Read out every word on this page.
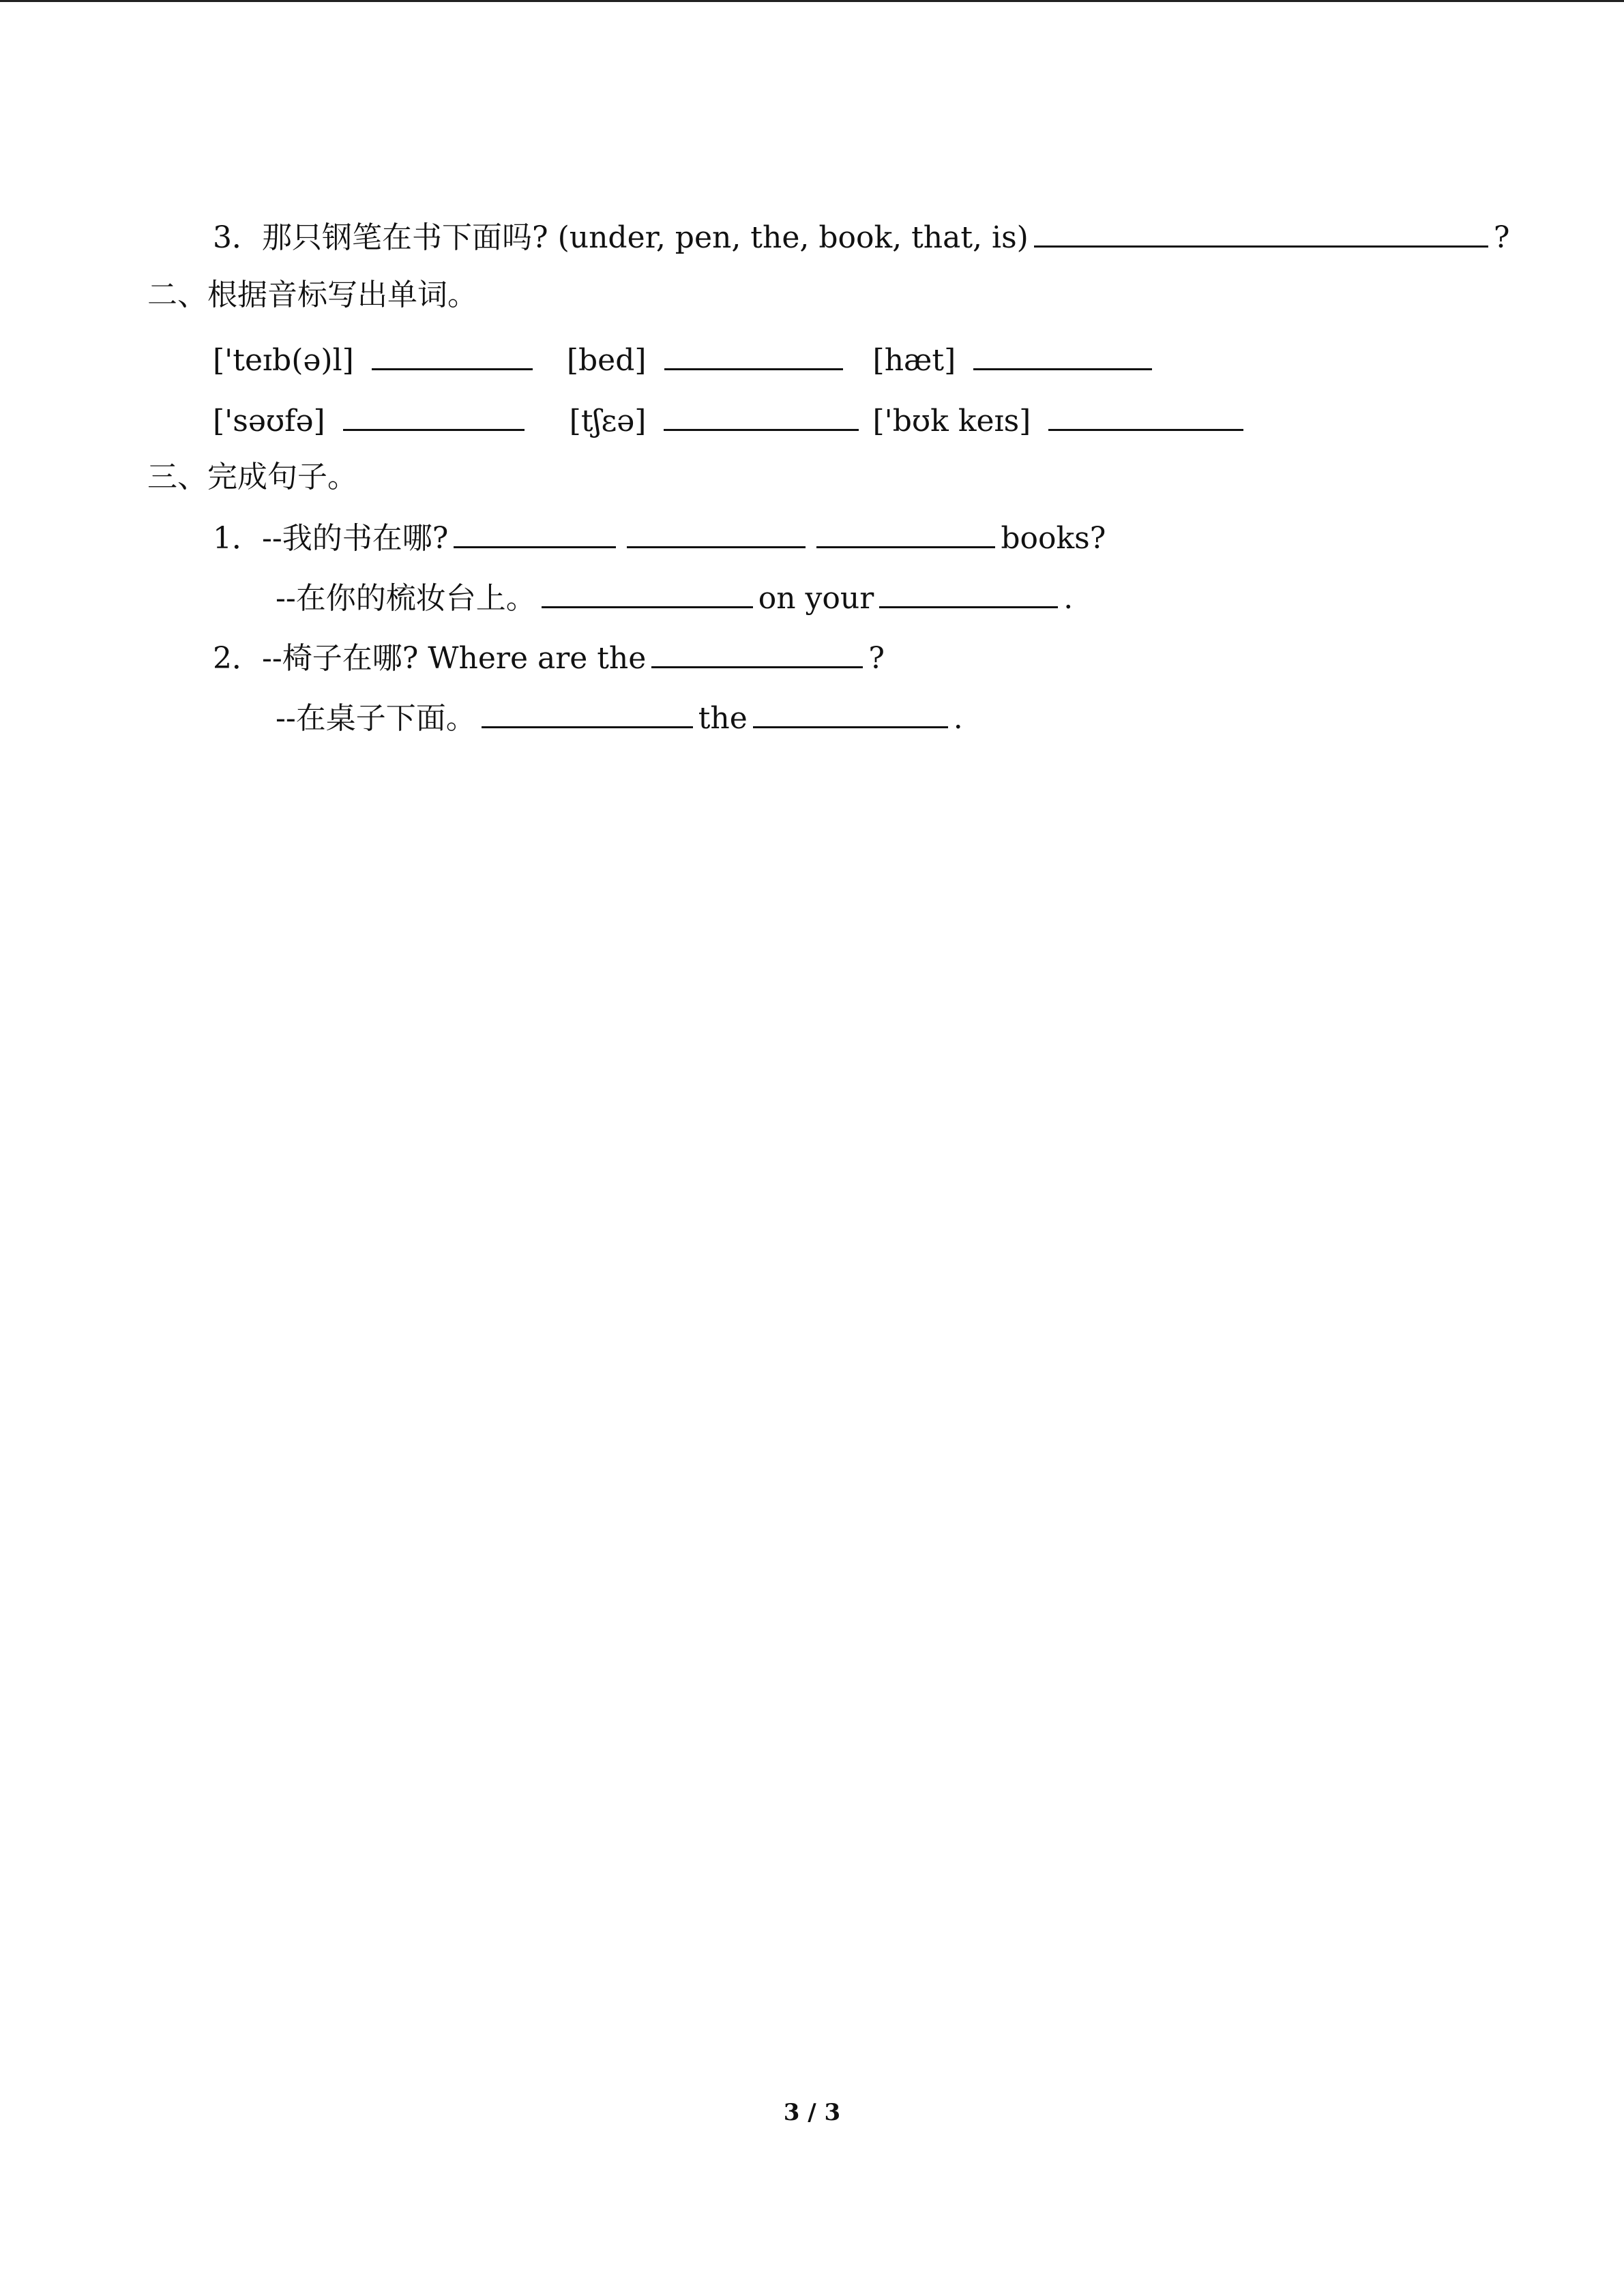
3．那只钢笔在书下面吗? (under, pen, the, book, that, is)	?
二、根据音标写出单词。
['teɪb(ə)l]	[bed]	[hæt]
['səʊfə]	[tʃɛə]	['bʊk keɪs]
三、完成句子。
1．--我的书在哪?	books?
--在你的梳妆台上。	on your	.
2．--椅子在哪? Where are the	?
--在桌子下面。	the	.
3 / 3
